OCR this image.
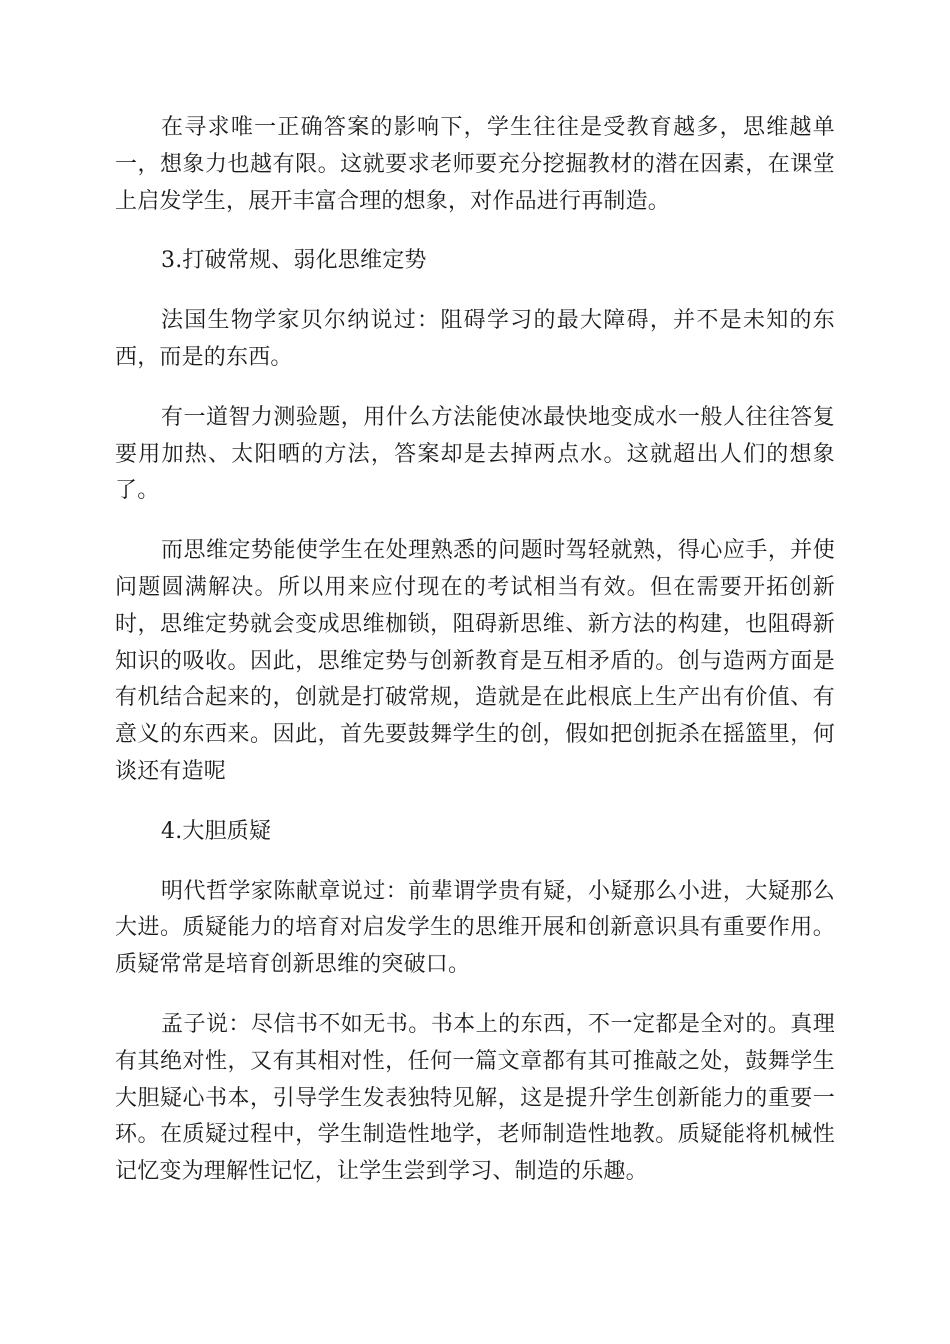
在寻求唯一正确答案的影响下，学生往往是受教育越多，思维越单一，想象力也越有限。这就要求老师要充分挖掘教材的潜在因素，在课堂上启发学生，展开丰富合理的想象，对作品进行再制造。

3.打破常规、弱化思维定势

法国生物学家贝尔纳说过：阻碍学习的最大障碍，并不是未知的东西，而是的东西。

有一道智力测验题，用什么方法能使冰最快地变成水一般人往往答复要用加热、太阳晒的方法，答案却是去掉两点水。这就超出人们的想象了。

而思维定势能使学生在处理熟悉的问题时驾轻就熟，得心应手，并使问题圆满解决。所以用来应付现在的考试相当有效。但在需要开拓创新时，思维定势就会变成思维枷锁，阻碍新思维、新方法的构建，也阻碍新知识的吸收。因此，思维定势与创新教育是互相矛盾的。创与造两方面是有机结合起来的，创就是打破常规，造就是在此根底上生产出有价值、有意义的东西来。因此，首先要鼓舞学生的创，假如把创扼杀在摇篮里，何谈还有造呢

4.大胆质疑

明代哲学家陈献章说过：前辈谓学贵有疑，小疑那么小进，大疑那么大进。质疑能力的培育对启发学生的思维开展和创新意识具有重要作用。质疑常常是培育创新思维的突破口。

孟子说：尽信书不如无书。书本上的东西，不一定都是全对的。真理有其绝对性，又有其相对性，任何一篇文章都有其可推敲之处，鼓舞学生大胆疑心书本，引导学生发表独特见解，这是提升学生创新能力的重要一环。在质疑过程中，学生制造性地学，老师制造性地教。质疑能将机械性记忆变为理解性记忆，让学生尝到学习、制造的乐趣。
